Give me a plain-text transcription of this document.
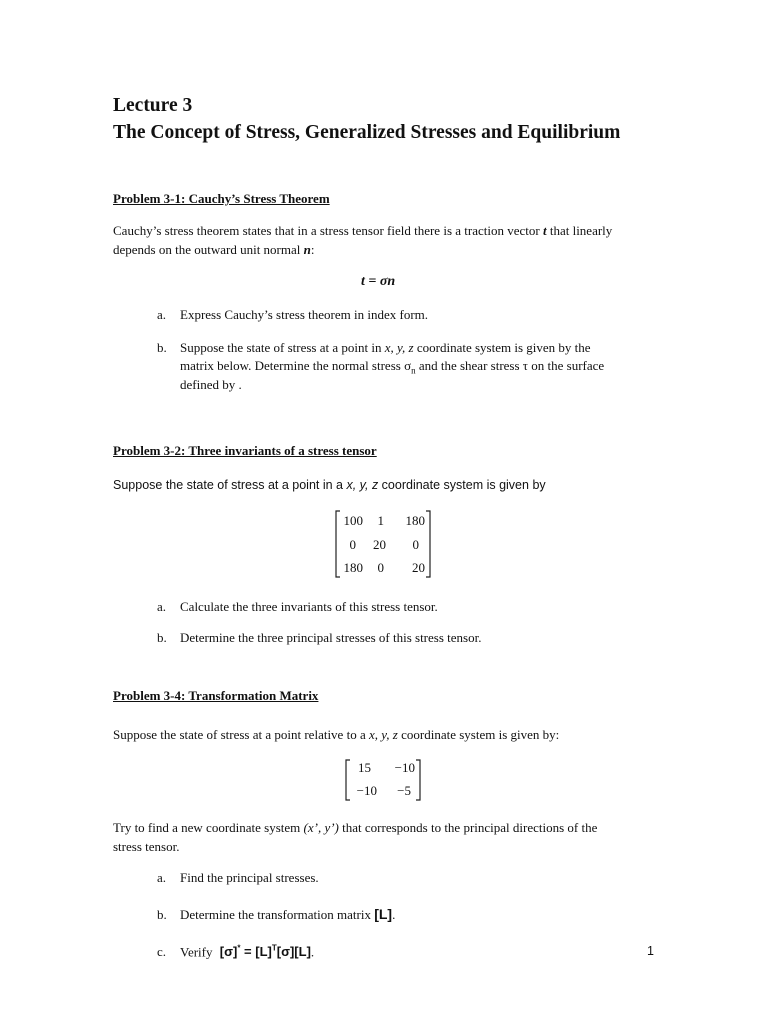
Lecture 3
The Concept of Stress, Generalized Stresses and Equilibrium
Problem 3-1: Cauchy’s Stress Theorem
Cauchy’s stress theorem states that in a stress tensor field there is a traction vector t that linearly
depends on the outward unit normal n:
t = σn
a. Express Cauchy’s stress theorem in index form.
b. Suppose the state of stress at a point in x, y, z coordinate system is given by the
matrix below. Determine the normal stress $\sigma_n$ and the shear stress τ on the surface
defined by .
Problem 3-2: Three invariants of a stress tensor
Suppose the state of stress at a point in a x, y, z coordinate system is given by
100	1	180
0	20	0
180	0	20
a. Calculate the three invariants of this stress tensor.
b. Determine the three principal stresses of this stress tensor.
Problem 3-4: Transformation Matrix
Suppose the state of stress at a point relative to a x, y, z coordinate system is given by:
15	−10
−10	−5
Try to find a new coordinate system (x’, y’) that corresponds to the principal directions of the
stress tensor.
a. Find the principal stresses.
b. Determine the transformation matrix [L].
c. Verify $[\sigma]^* = [L]^T[\sigma][L]$.	1
